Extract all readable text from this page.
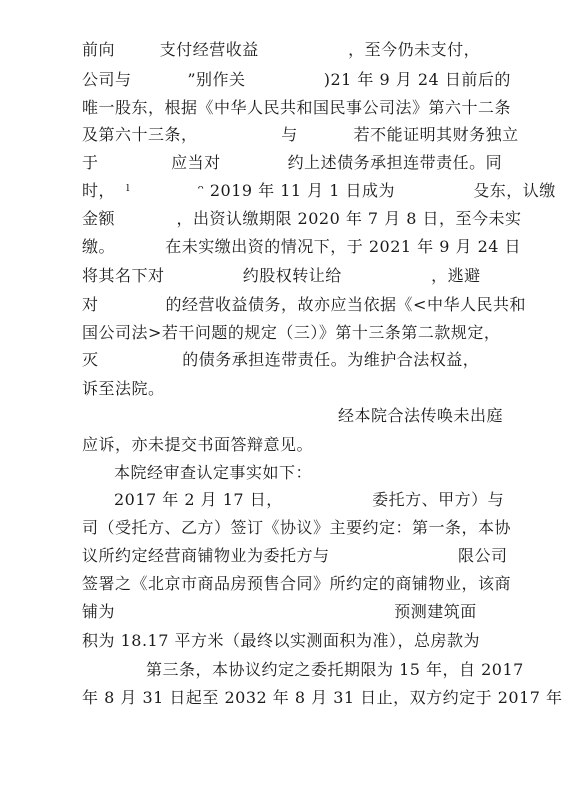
前向        支付经营收益                ，至今仍未支付，
公司与          ”别作关              )21 年 9 月 24 日前后的
唯一股东，根据《中华人民共和国民事公司法》第六十二条
及第六十三条，               与          若不能证明其财务独立
于             应当对            约上述债务承担连带责任。同
时，  ˡ            ᵔ 2019 年 11 月 1 日成为              殳东，认缴
金额           ，出资认缴期限 2020 年 7 月 8 日，至今未实
缴。         在未实缴出资的情况下，于 2021 年 9 月 24 日
将其名下对              约股权转让给                ，逃避
对            的经营收益债务，故亦应当依据《<中华人民共和
国公司法>若干问题的规定（三）》第十三条第二款规定，
灭               的债务承担连带责任。为维护合法权益，
诉至法院。
经本院合法传唤未出庭
应诉，亦未提交书面答辩意见。
本院经审查认定事实如下：
2017 年 2 月 17 日，                委托方、甲方）与
司（受托方、乙方）签订《协议》主要约定：第一条，本协
议所约定经营商铺物业为委托方与                       限公司
签署之《北京市商品房预售合同》所约定的商铺物业，该商
铺为                                                  预测建筑面
积为 18.17 平方米（最终以实测面积为准），总房款为
第三条，本协议约定之委托期限为 15 年，自 2017
年 8 月 31 日起至 2032 年 8 月 31 日止，双方约定于 2017 年
